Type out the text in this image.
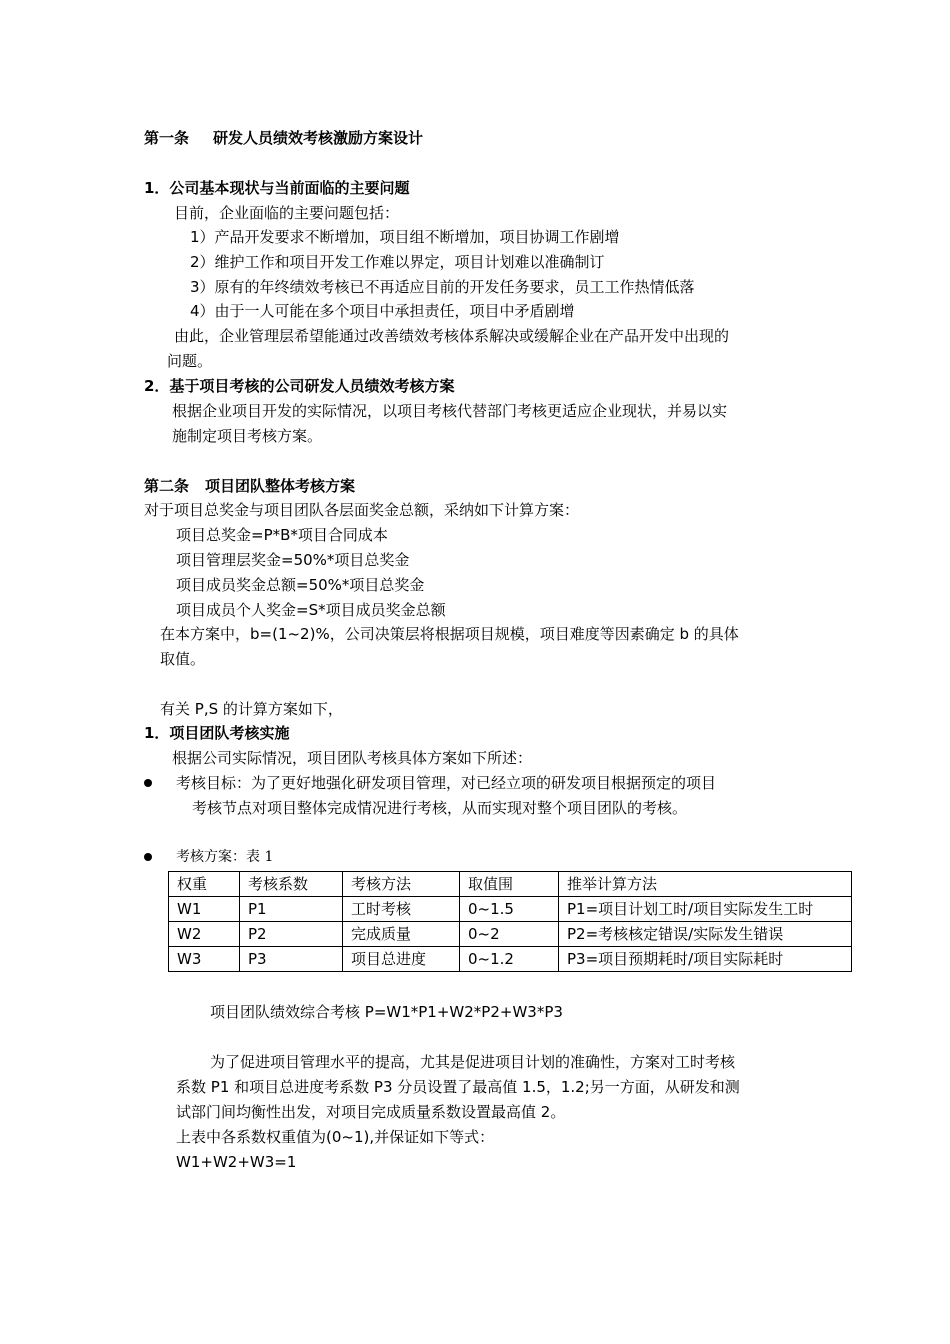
第一条 研发人员绩效考核激励方案设计
1．公司基本现状与当前面临的主要问题
目前，企业面临的主要问题包括：
1）产品开发要求不断增加，项目组不断增加，项目协调工作剧增
2）维护工作和项目开发工作难以界定，项目计划难以准确制订
3）原有的年终绩效考核已不再适应目前的开发任务要求，员工工作热情低落
4）由于一人可能在多个项目中承担责任，项目中矛盾剧增
由此，企业管理层希望能通过改善绩效考核体系解决或缓解企业在产品开发中出现的
问题。
2．基于项目考核的公司研发人员绩效考核方案
根据企业项目开发的实际情况，以项目考核代替部门考核更适应企业现状，并易以实
施制定项目考核方案。
第二条 项目团队整体考核方案
对于项目总奖金与项目团队各层面奖金总额，采纳如下计算方案：
项目总奖金=P*B*项目合同成本
项目管理层奖金=50%*项目总奖金
项目成员奖金总额=50%*项目总奖金
项目成员个人奖金=S*项目成员奖金总额
在本方案中，b=(1~2)%，公司决策层将根据项目规模，项目难度等因素确定 b 的具体
取值。
有关 P,S 的计算方案如下，
1．项目团队考核实施
根据公司实际情况，项目团队考核具体方案如下所述：
考核目标：为了更好地强化研发项目管理，对已经立项的研发项目根据预定的项目
考核节点对项目整体完成情况进行考核，从而实现对整个项目团队的考核。
考核方案：表 1
权重	考核系数	考核方法	取值围	推举计算方法
W1	P1	工时考核	0~1.5	P1=项目计划工时/项目实际发生工时
W2	P2	完成质量	0~2	P2=考核核定错误/实际发生错误
W3	P3	项目总进度	0~1.2	P3=项目预期耗时/项目实际耗时
项目团队绩效综合考核 P=W1*P1+W2*P2+W3*P3
为了促进项目管理水平的提高，尤其是促进项目计划的准确性，方案对工时考核
系数 P1 和项目总进度考系数 P3 分员设置了最高值 1.5，1.2;另一方面，从研发和测
试部门间均衡性出发，对项目完成质量系数设置最高值 2。
上表中各系数权重值为(0~1),并保证如下等式：
W1+W2+W3=1
